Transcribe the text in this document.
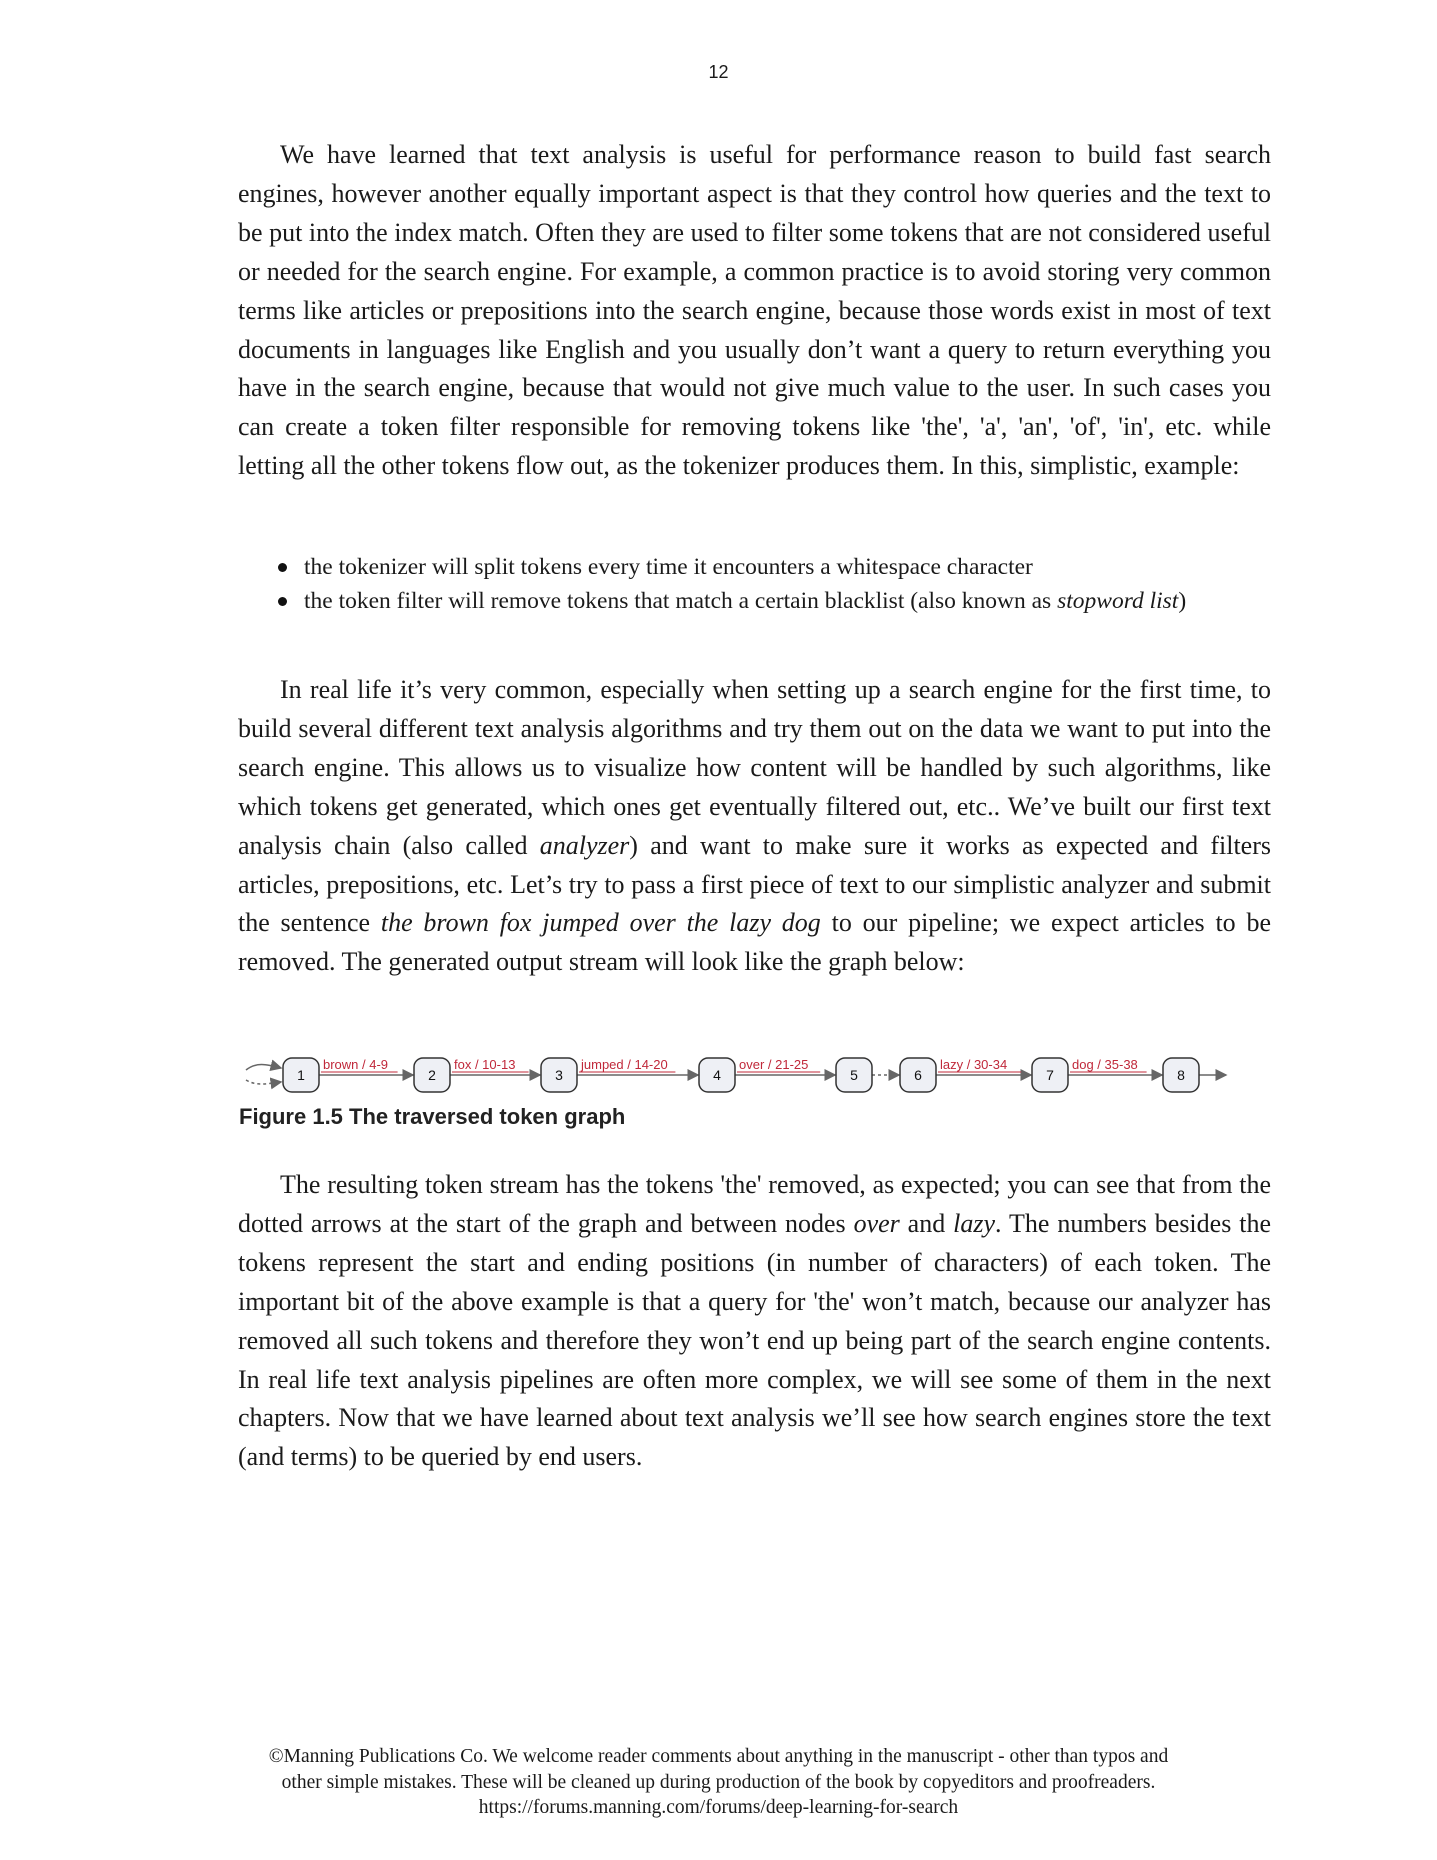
12
We have learned that text analysis is useful for performance reason to build fast search engines, however another equally important aspect is that they control how queries and the text to be put into the index match. Often they are used to filter some tokens that are not considered useful or needed for the search engine. For example, a common practice is to avoid storing very common terms like articles or prepositions into the search engine, because those words exist in most of text documents in languages like English and you usually don’t want a query to return everything you have in the search engine, because that would not give much value to the user. In such cases you can create a token filter responsible for removing tokens like 'the', 'a', 'an', 'of', 'in', etc. while letting all the other tokens flow out, as the tokenizer produces them. In this, simplistic, example:
the tokenizer will split tokens every time it encounters a whitespace character
the token filter will remove tokens that match a certain blacklist (also known as stopword list)
In real life it’s very common, especially when setting up a search engine for the first time, to build several different text analysis algorithms and try them out on the data we want to put into the search engine. This allows us to visualize how content will be handled by such algorithms, like which tokens get generated, which ones get eventually filtered out, etc.. We’ve built our first text analysis chain (also called analyzer) and want to make sure it works as expected and filters articles, prepositions, etc. Let’s try to pass a first piece of text to our simplistic analyzer and submit the sentence the brown fox jumped over the lazy dog to our pipeline; we expect articles to be removed. The generated output stream will look like the graph below:
brown / 4-9	fox / 10-13	jumped / 14-20	over / 21-25	lazy / 30-34	dog / 35-38
1	2	3	4	5	6	7	8
Figure 1.5 The traversed token graph
The resulting token stream has the tokens 'the' removed, as expected; you can see that from the dotted arrows at the start of the graph and between nodes over and lazy. The numbers besides the tokens represent the start and ending positions (in number of characters) of each token. The important bit of the above example is that a query for 'the' won’t match, because our analyzer has removed all such tokens and therefore they won’t end up being part of the search engine contents. In real life text analysis pipelines are often more complex, we will see some of them in the next chapters. Now that we have learned about text analysis we’ll see how search engines store the text (and terms) to be queried by end users.
©Manning Publications Co. We welcome reader comments about anything in the manuscript - other than typos and
other simple mistakes. These will be cleaned up during production of the book by copyeditors and proofreaders.
https://forums.manning.com/forums/deep-learning-for-search
